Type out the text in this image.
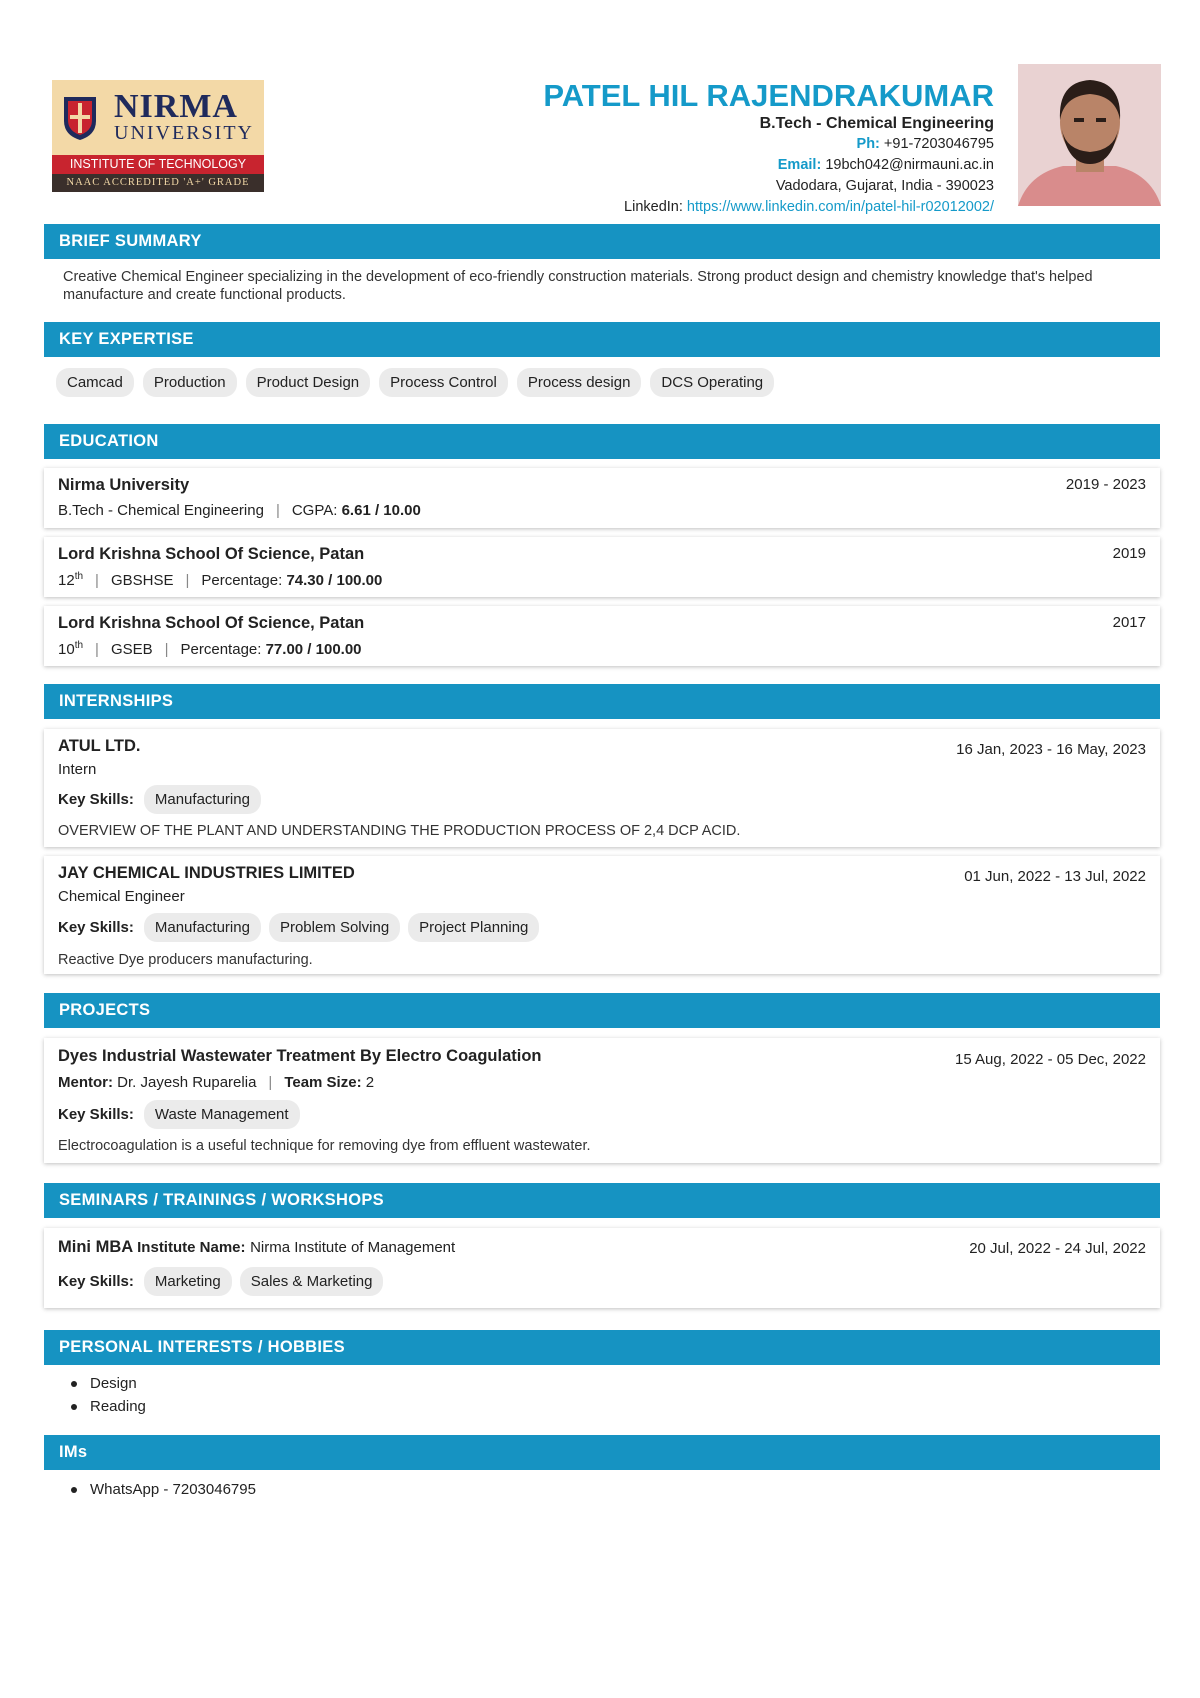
NIRMA
UNIVERSITY
INSTITUTE OF TECHNOLOGY
NAAC ACCREDITED 'A+' GRADE
PATEL HIL RAJENDRAKUMAR
B.Tech - Chemical Engineering
Ph: +91-7203046795
Email: 19bch042@nirmauni.ac.in
Vadodara, Gujarat, India - 390023
LinkedIn: https://www.linkedin.com/in/patel-hil-r02012002/
BRIEF SUMMARY
Creative Chemical Engineer specializing in the development of eco-friendly construction materials. Strong product design and chemistry knowledge that's helped manufacture and create functional products.
KEY EXPERTISE
Camcad	Production	Product Design	Process Control	Process design	DCS Operating
EDUCATION
Nirma University	2019 - 2023
B.Tech - Chemical Engineering | CGPA: 6.61 / 10.00
Lord Krishna School Of Science, Patan	2019
12th | GBSHSE | Percentage: 74.30 / 100.00
Lord Krishna School Of Science, Patan	2017
10th | GSEB | Percentage: 77.00 / 100.00
INTERNSHIPS
ATUL LTD.	16 Jan, 2023 - 16 May, 2023
Intern
Key Skills:	Manufacturing
OVERVIEW OF THE PLANT AND UNDERSTANDING THE PRODUCTION PROCESS OF 2,4 DCP ACID.
JAY CHEMICAL INDUSTRIES LIMITED	01 Jun, 2022 - 13 Jul, 2022
Chemical Engineer
Key Skills:	Manufacturing	Problem Solving	Project Planning
Reactive Dye producers manufacturing.
PROJECTS
Dyes Industrial Wastewater Treatment By Electro Coagulation	15 Aug, 2022 - 05 Dec, 2022
Mentor: Dr. Jayesh Ruparelia | Team Size: 2
Key Skills:	Waste Management
Electrocoagulation is a useful technique for removing dye from effluent wastewater.
SEMINARS / TRAININGS / WORKSHOPS
Mini MBA Institute Name: Nirma Institute of Management	20 Jul, 2022 - 24 Jul, 2022
Key Skills:	Marketing	Sales & Marketing
PERSONAL INTERESTS / HOBBIES
Design
Reading
IMs
WhatsApp - 7203046795
